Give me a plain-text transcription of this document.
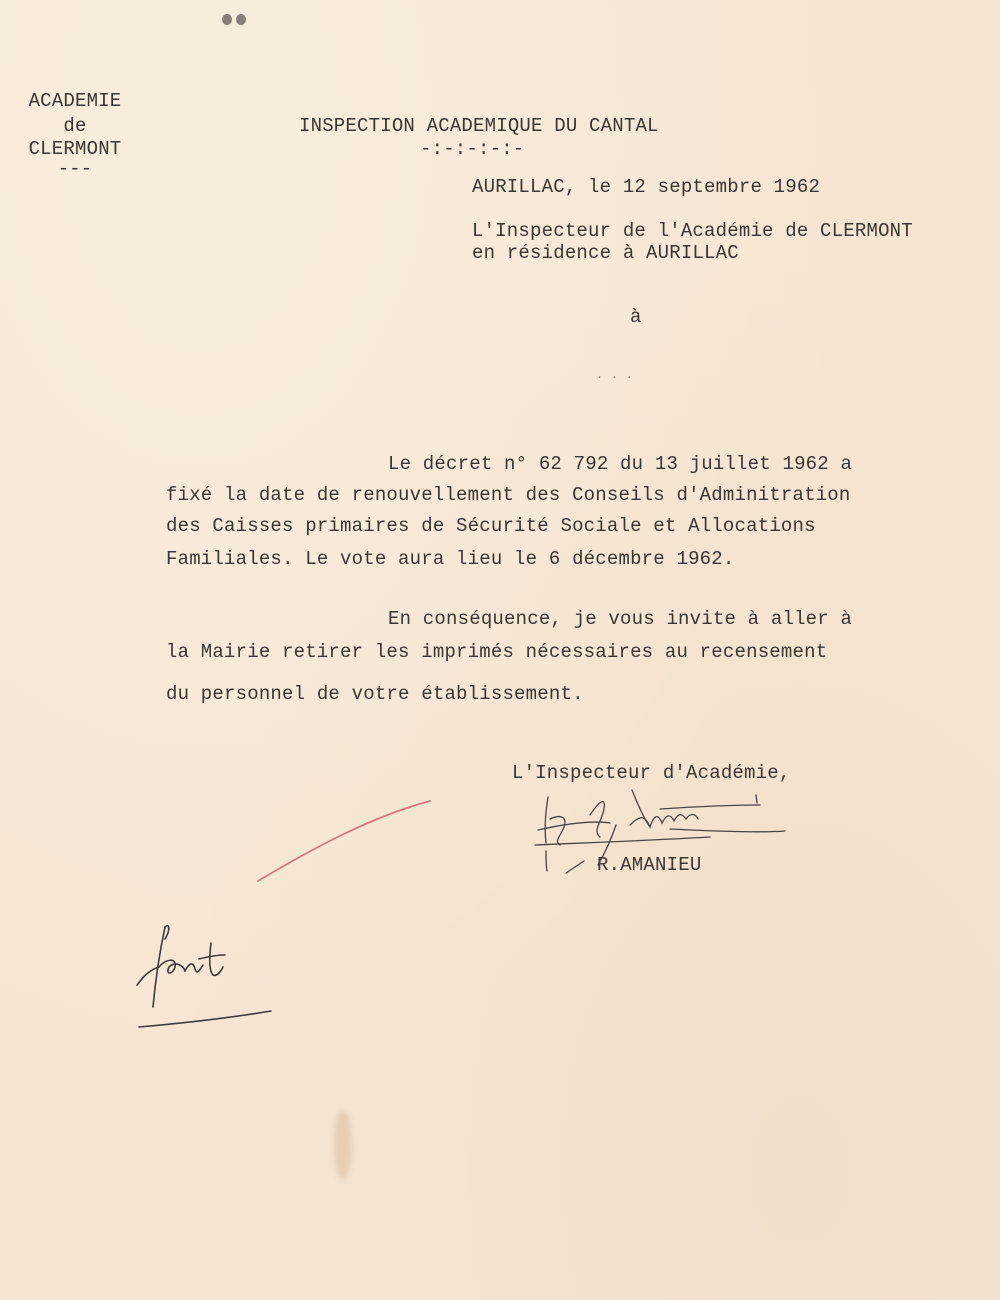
ACADEMIE
de
CLERMONT
---
INSPECTION ACADEMIQUE DU CANTAL
-:-:-:-:-
AURILLAC, le 12 septembre 1962
L'Inspecteur de l'Académie de CLERMONT
en résidence à AURILLAC
à
. . .
Le décret n° 62 792 du 13 juillet 1962 a
fixé la date de renouvellement des Conseils d'Adminitration
des Caisses primaires de Sécurité Sociale et Allocations
Familiales. Le vote aura lieu le 6 décembre 1962.
En conséquence, je vous invite à aller à
la Mairie retirer les imprimés nécessaires au recensement
du personnel de votre établissement.
L'Inspecteur d'Académie,
R.AMANIEU
